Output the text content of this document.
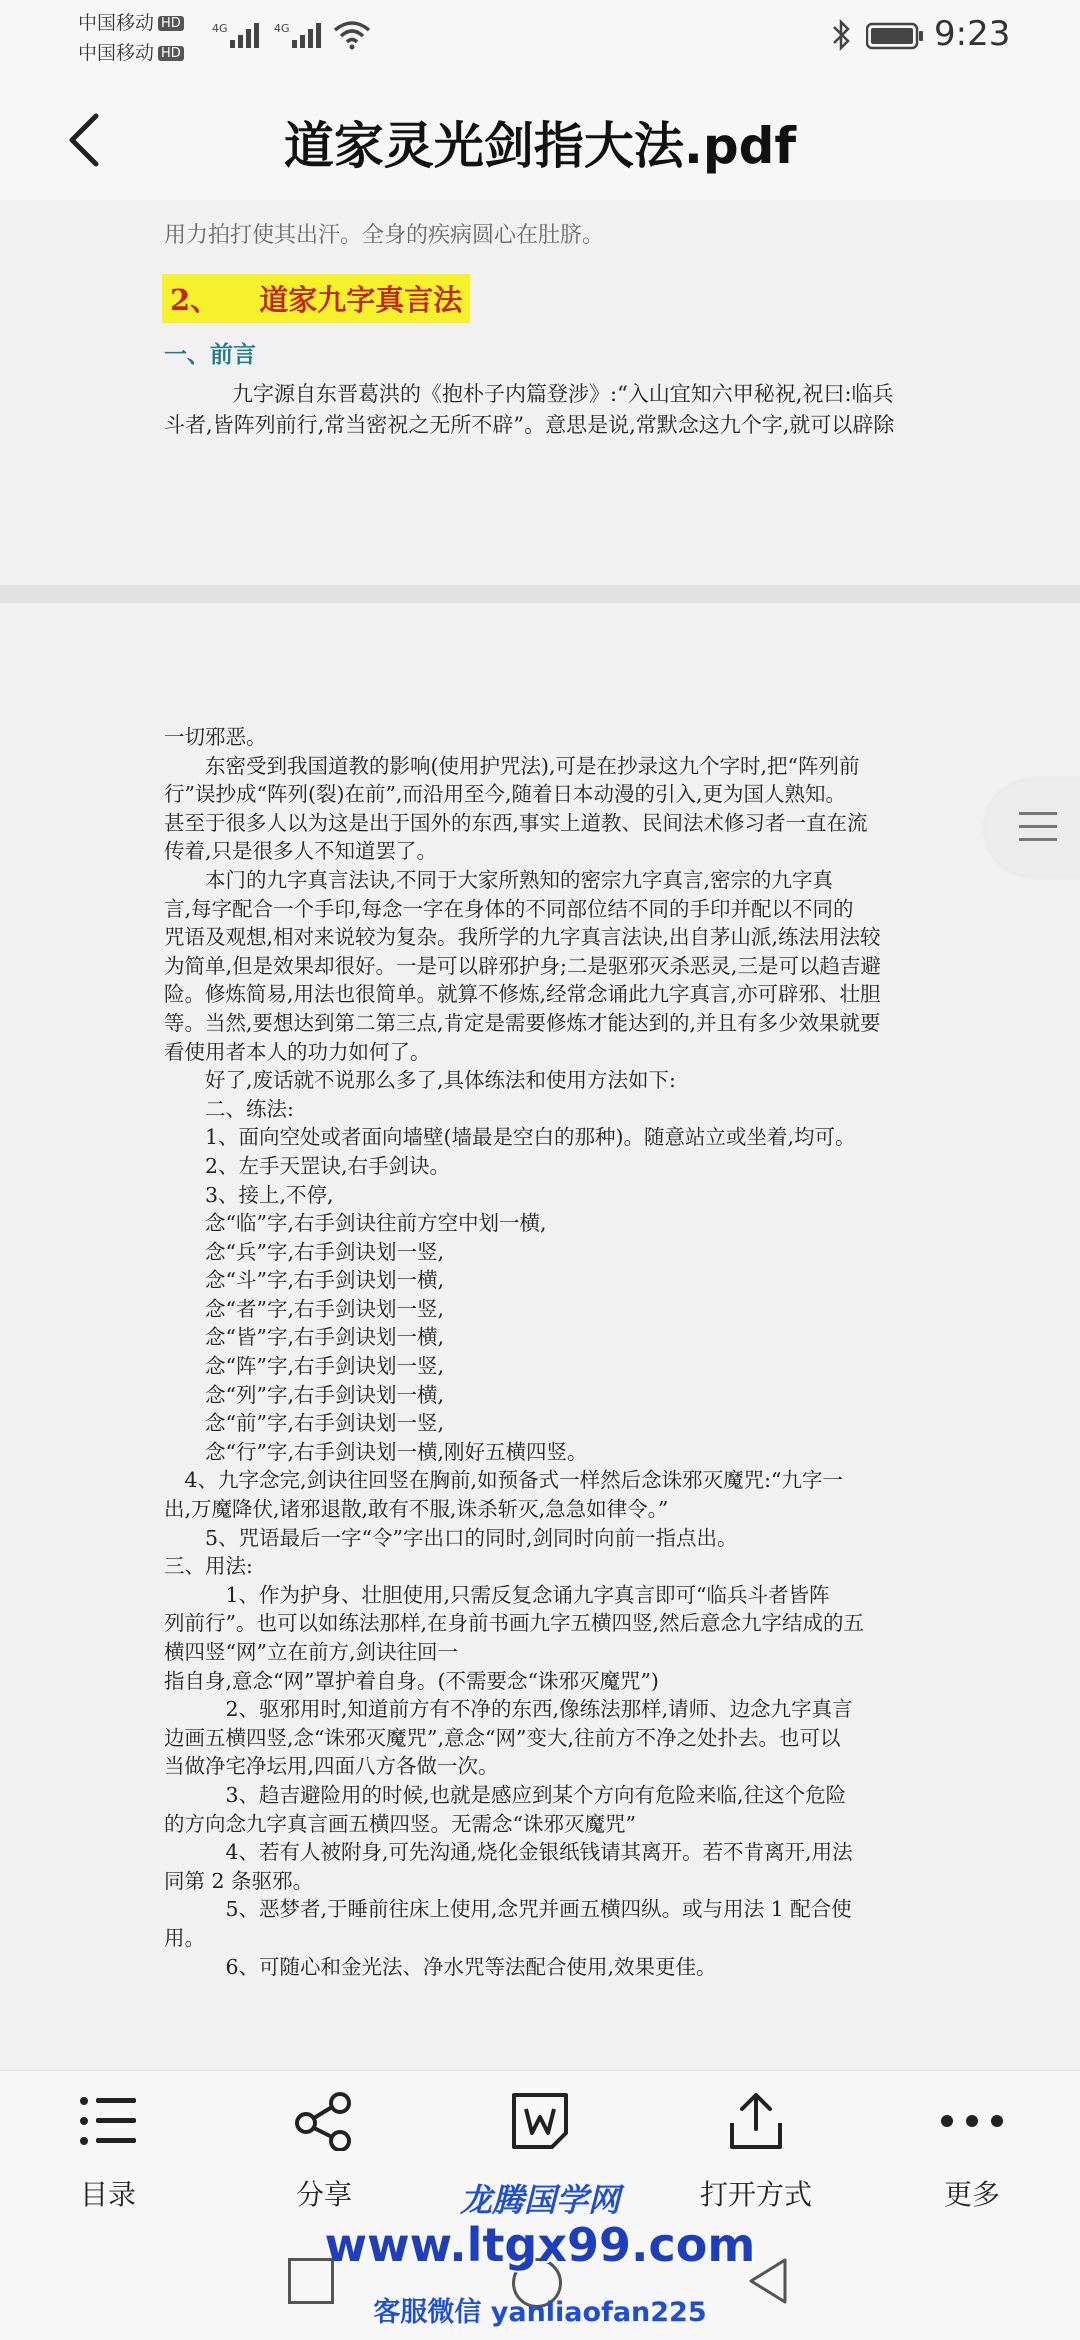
中国移动 HD
中国移动 HD
4G	4G	9:23
道家灵光剑指大法.pdf
用力拍打使其出汗。全身的疾病圆心在肚脐。
2、 道家九字真言法
一、前言
九字源自东晋葛洪的《抱朴子内篇登涉》:“入山宜知六甲秘祝,祝曰:临兵
斗者,皆阵列前行,常当密祝之无所不辟”。意思是说,常默念这九个字,就可以辟除
一切邪恶。
　　东密受到我国道教的影响(使用护咒法),可是在抄录这九个字时,把“阵列前
行”误抄成“阵列(裂)在前”,而沿用至今,随着日本动漫的引入,更为国人熟知。
甚至于很多人以为这是出于国外的东西,事实上道教、民间法术修习者一直在流
传着,只是很多人不知道罢了。
　　本门的九字真言法诀,不同于大家所熟知的密宗九字真言,密宗的九字真
言,每字配合一个手印,每念一字在身体的不同部位结不同的手印并配以不同的
咒语及观想,相对来说较为复杂。我所学的九字真言法诀,出自茅山派,练法用法较
为简单,但是效果却很好。一是可以辟邪护身;二是驱邪灭杀恶灵,三是可以趋吉避
险。修炼简易,用法也很简单。就算不修炼,经常念诵此九字真言,亦可辟邪、壮胆
等。当然,要想达到第二第三点,肯定是需要修炼才能达到的,并且有多少效果就要
看使用者本人的功力如何了。
　　好了,废话就不说那么多了,具体练法和使用方法如下:
　　二、练法:
　　1、面向空处或者面向墙壁(墙最是空白的那种)。随意站立或坐着,均可。
　　2、左手天罡诀,右手剑诀。
　　3、接上,不停,
　　念“临”字,右手剑诀往前方空中划一横,
　　念“兵”字,右手剑诀划一竖,
　　念“斗”字,右手剑诀划一横,
　　念“者”字,右手剑诀划一竖,
　　念“皆”字,右手剑诀划一横,
　　念“阵”字,右手剑诀划一竖,
　　念“列”字,右手剑诀划一横,
　　念“前”字,右手剑诀划一竖,
　　念“行”字,右手剑诀划一横,刚好五横四竖。
　4、九字念完,剑诀往回竖在胸前,如预备式一样然后念诛邪灭魔咒:“九字一
出,万魔降伏,诸邪退散,敢有不服,诛杀斩灭,急急如律令。”
　　5、咒语最后一字“令”字出口的同时,剑同时向前一指点出。
三、用法:
　　　1、作为护身、壮胆使用,只需反复念诵九字真言即可“临兵斗者皆阵
列前行”。也可以如练法那样,在身前书画九字五横四竖,然后意念九字结成的五
横四竖“网”立在前方,剑诀往回一
指自身,意念“网”罩护着自身。(不需要念“诛邪灭魔咒”)
　　　2、驱邪用时,知道前方有不净的东西,像练法那样,请师、边念九字真言
边画五横四竖,念“诛邪灭魔咒”,意念“网”变大,往前方不净之处扑去。也可以
当做净宅净坛用,四面八方各做一次。
　　　3、趋吉避险用的时候,也就是感应到某个方向有危险来临,往这个危险
的方向念九字真言画五横四竖。无需念“诛邪灭魔咒”
　　　4、若有人被附身,可先沟通,烧化金银纸钱请其离开。若不肯离开,用法
同第 2 条驱邪。
　　　5、恶梦者,于睡前往床上使用,念咒并画五横四纵。或与用法 1 配合使
用。
　　　6、可随心和金光法、净水咒等法配合使用,效果更佳。
目录	分享	打开方式	更多
龙腾国学网
www.ltgx99.com
客服微信 yanliaofan225
